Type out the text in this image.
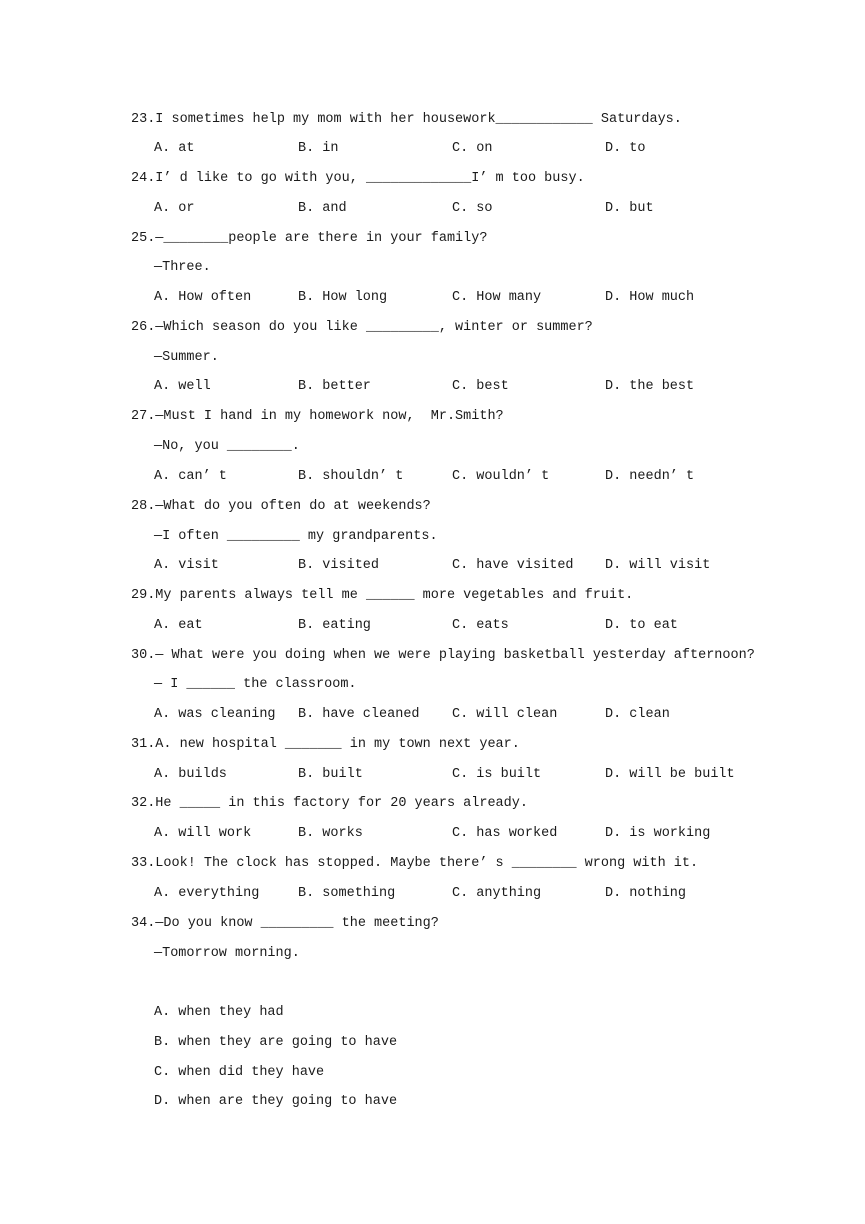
23.I sometimes help my mom with her housework____________ Saturdays.
A. at	B. in	C. on	D. to
24.I’ d like to go with you, _____________I’ m too busy.
A. or	B. and	C. so	D. but
25.—________people are there in your family?
—Three.
A. How often	B. How long	C. How many	D. How much
26.—Which season do you like _________, winter or summer?
—Summer.
A. well	B. better	C. best	D. the best
27.—Must I hand in my homework now,  Mr.Smith?
—No, you ________.
A. can’ t	B. shouldn’ t	C. wouldn’ t	D. needn’ t
28.—What do you often do at weekends?
—I often _________ my grandparents.
A. visit	B. visited	C. have visited D. will visit
29.My parents always tell me ______ more vegetables and fruit.
A. eat	B. eating	C. eats	D. to eat
30.— What were you doing when we were playing basketball yesterday afternoon?
— I ______ the classroom.
A. was cleaning B. have cleaned C. will clean	D. clean
31.A. new hospital _______ in my town next year.
A. builds	B. built	C. is built	D. will be built
32.He _____ in this factory for 20 years already.
A. will work	B. works	C. has worked	D. is working
33.Look! The clock has stopped. Maybe there’ s ________ wrong with it.
A. everything	B. something	C. anything	D. nothing
34.—Do you know _________ the meeting?
—Tomorrow morning.
A. when they had
B. when they are going to have
C. when did they have
D. when are they going to have
